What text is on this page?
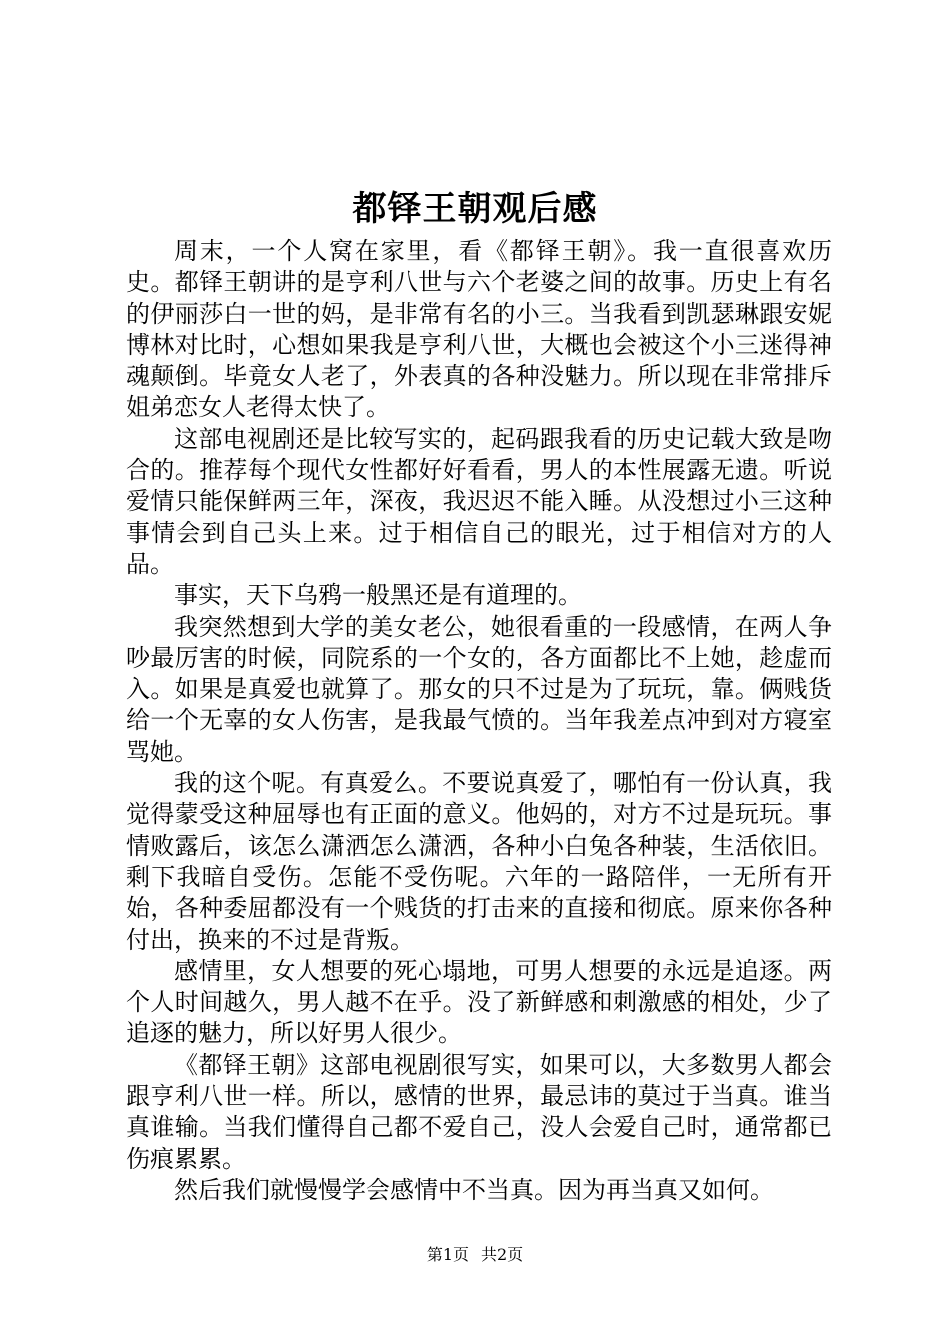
都铎王朝观后感

周末，一个人窝在家里，看《都铎王朝》。我一直很喜欢历史。都铎王朝讲的是亨利八世与六个老婆之间的故事。历史上有名的伊丽莎白一世的妈，是非常有名的小三。当我看到凯瑟琳跟安妮博林对比时，心想如果我是亨利八世，大概也会被这个小三迷得神魂颠倒。毕竟女人老了，外表真的各种没魅力。所以现在非常排斥姐弟恋女人老得太快了。

这部电视剧还是比较写实的，起码跟我看的历史记载大致是吻合的。推荐每个现代女性都好好看看，男人的本性展露无遗。听说爱情只能保鲜两三年，深夜，我迟迟不能入睡。从没想过小三这种事情会到自己头上来。过于相信自己的眼光，过于相信对方的人品。

事实，天下乌鸦一般黑还是有道理的。

我突然想到大学的美女老公，她很看重的一段感情，在两人争吵最厉害的时候，同院系的一个女的，各方面都比不上她，趁虚而入。如果是真爱也就算了。那女的只不过是为了玩玩，靠。俩贱货给一个无辜的女人伤害，是我最气愤的。当年我差点冲到对方寝室骂她。

我的这个呢。有真爱么。不要说真爱了，哪怕有一份认真，我觉得蒙受这种屈辱也有正面的意义。他妈的，对方不过是玩玩。事情败露后，该怎么潇洒怎么潇洒，各种小白兔各种装，生活依旧。剩下我暗自受伤。怎能不受伤呢。六年的一路陪伴，一无所有开始，各种委屈都没有一个贱货的打击来的直接和彻底。原来你各种付出，换来的不过是背叛。

感情里，女人想要的死心塌地，可男人想要的永远是追逐。两个人时间越久，男人越不在乎。没了新鲜感和刺激感的相处，少了追逐的魅力，所以好男人很少。

《都铎王朝》这部电视剧很写实，如果可以，大多数男人都会跟亨利八世一样。所以，感情的世界，最忌讳的莫过于当真。谁当真谁输。当我们懂得自己都不爱自己，没人会爱自己时，通常都已伤痕累累。

然后我们就慢慢学会感情中不当真。因为再当真又如何。

第1页 共2页
